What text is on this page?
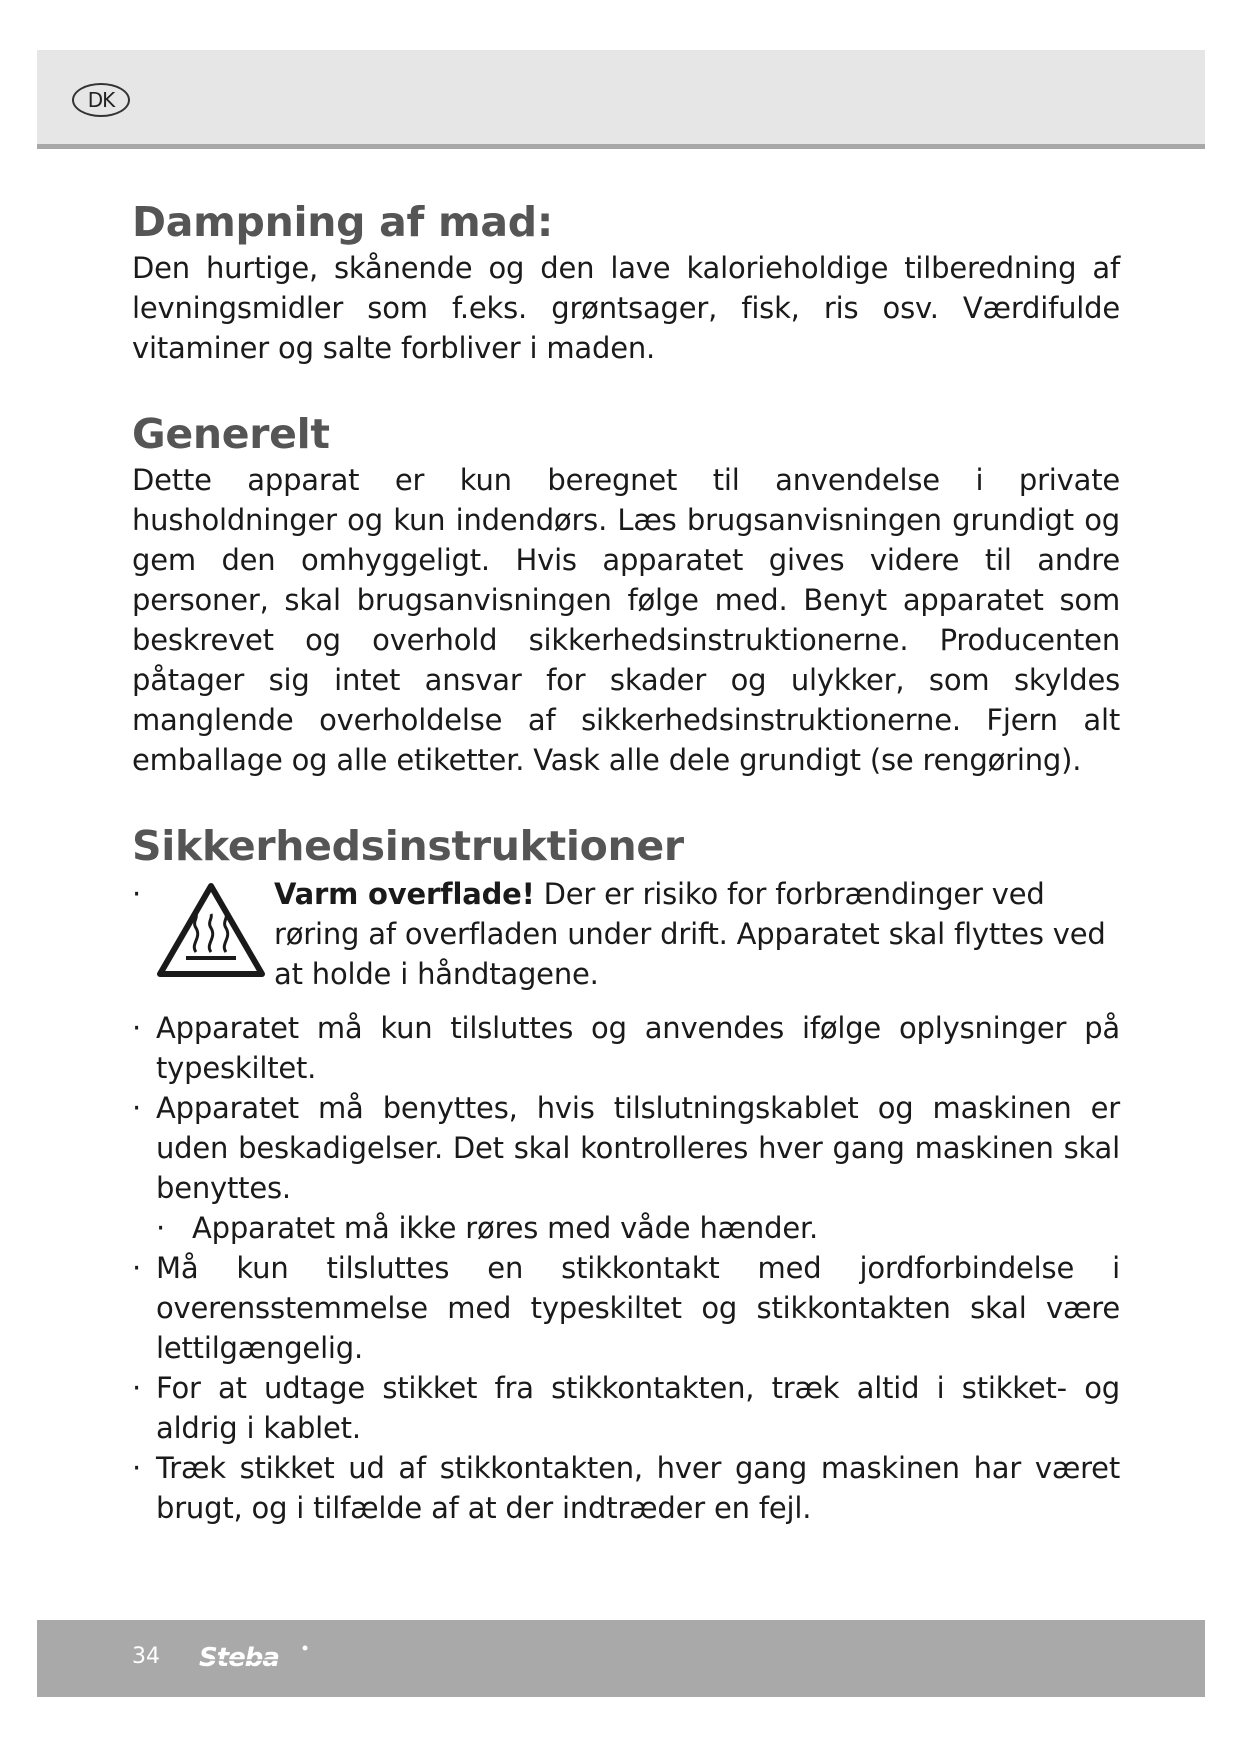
DK
Dampning af mad:

Den hurtige, skånende og den lave kalorieholdige tilberedning af levningsmidler som f.eks. grøntsager, fisk, ris osv. Værdifulde vitaminer og salte forbliver i maden.

Generelt

Dette apparat er kun beregnet til anvendelse i private husholdninger og kun indendørs. Læs brugsanvisningen grundigt og gem den omhyggeligt. Hvis apparatet gives videre til andre personer, skal brugsanvisningen følge med. Benyt apparatet som beskrevet og overhold sikkerhedsinstruktionerne. Producenten påtager sig intet ansvar for skader og ulykker, som skyldes manglende overholdelse af sikkerhedsinstruktionerne. Fjern alt emballage og alle etiketter. Vask alle dele grundigt (se rengøring).

Sikkerhedsinstruktioner
·	Varm overflade! Der er risiko for forbrændinger ved røring af overfladen under drift. Apparatet skal flyttes ved at holde i håndtagene.
· Apparatet må kun tilsluttes og anvendes ifølge oplysninger på typeskiltet.
· Apparatet må benyttes, hvis tilslutningskablet og maskinen er uden beskadigelser. Det skal kontrolleres hver gang maskinen skal benyttes.
· Apparatet må ikke røres med våde hænder.
· Må kun tilsluttes en stikkontakt med jordforbindelse i overensstemmelse med typeskiltet og stikkontakten skal være lettilgængelig.
· For at udtage stikket fra stikkontakten, træk altid i stikket- og aldrig i kablet.
· Træk stikket ud af stikkontakten, hver gang maskinen har været brugt, og i tilfælde af at der indtræder en fejl.
34 Steba
